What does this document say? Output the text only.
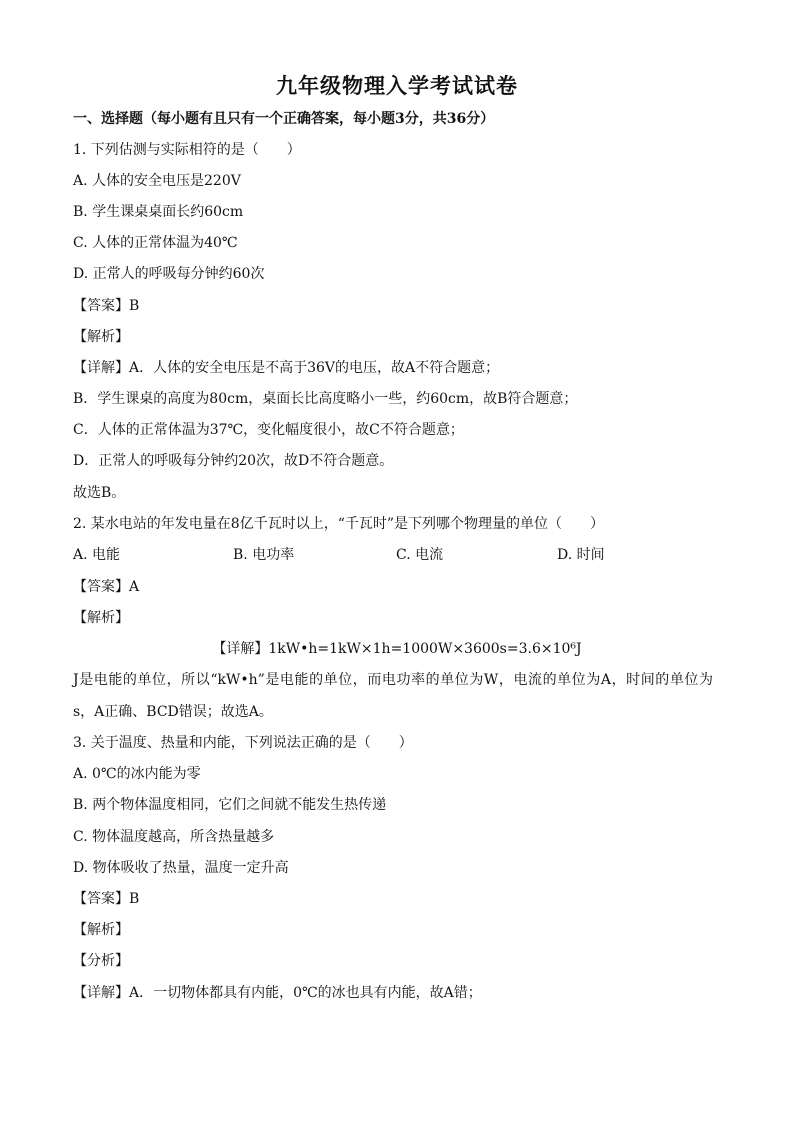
九年级物理入学考试试卷
一、选择题（每小题有且只有一个正确答案，每小题3分，共36分）
1. 下列估测与实际相符的是（　　）
A. 人体的安全电压是220V
B. 学生课桌桌面长约60cm
C. 人体的正常体温为40℃
D. 正常人的呼吸每分钟约60次
【答案】B
【解析】
【详解】A．人体的安全电压是不高于36V的电压，故A不符合题意；
B．学生课桌的高度为80cm，桌面长比高度略小一些，约60cm，故B符合题意；
C．人体的正常体温为37℃，变化幅度很小，故C不符合题意；
D．正常人的呼吸每分钟约20次，故D不符合题意。
故选B。
2. 某水电站的年发电量在8亿千瓦时以上，“千瓦时”是下列哪个物理量的单位（　　）
A. 电能	B. 电功率	C. 电流	D. 时间
【答案】A
【解析】
【详解】1kW•h=1kW×1h=1000W×3600s=3.6×10⁶J
J是电能的单位，所以“kW•h”是电能的单位，而电功率的单位为W，电流的单位为A，时间的单位为
s，A正确、BCD错误；故选A。
3. 关于温度、热量和内能，下列说法正确的是（　　）
A. 0℃的冰内能为零
B. 两个物体温度相同，它们之间就不能发生热传递
C. 物体温度越高，所含热量越多
D. 物体吸收了热量，温度一定升高
【答案】B
【解析】
【分析】
【详解】A．一切物体都具有内能，0℃的冰也具有内能，故A错；
